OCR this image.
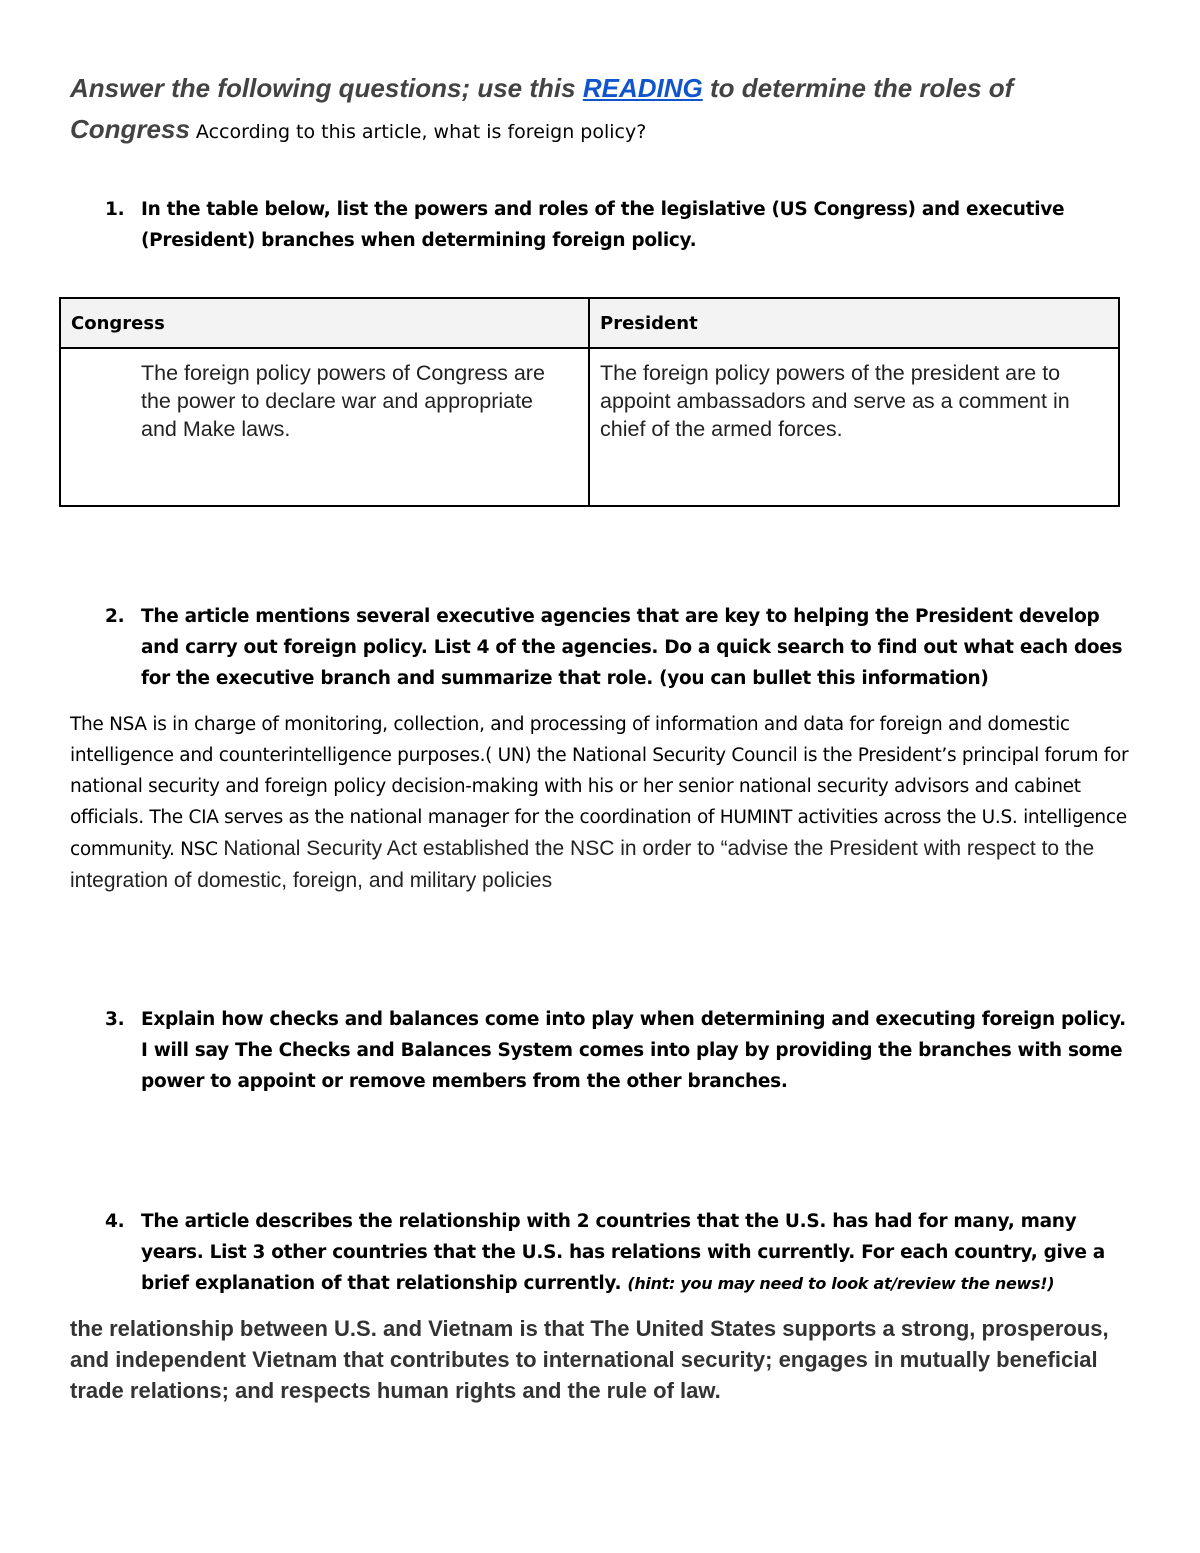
Answer the following questions; use this READING to determine the roles of
Congress According to this article, what is foreign policy?
1. In the table below, list the powers and roles of the legislative (US Congress) and executive (President) branches when determining foreign policy.
Congress	President
The foreign policy powers of Congress are the power to declare war and appropriate and Make laws.	The foreign policy powers of the president are to appoint ambassadors and serve as a comment in chief of the armed forces.
2. The article mentions several executive agencies that are key to helping the President develop and carry out foreign policy. List 4 of the agencies. Do a quick search to find out what each does for the executive branch and summarize that role. (you can bullet this information)
The NSA is in charge of monitoring, collection, and processing of information and data for foreign and domestic intelligence and counterintelligence purposes.( UN) the National Security Council is the President’s principal forum for national security and foreign policy decision-making with his or her senior national security advisors and cabinet officials. The CIA serves as the national manager for the coordination of HUMINT activities across the U.S. intelligence community. NSC National Security Act established the NSC in order to “advise the President with respect to the integration of domestic, foreign, and military policies
3. Explain how checks and balances come into play when determining and executing foreign policy. I will say The Checks and Balances System comes into play by providing the branches with some power to appoint or remove members from the other branches.
4. The article describes the relationship with 2 countries that the U.S. has had for many, many years. List 3 other countries that the U.S. has relations with currently. For each country, give a brief explanation of that relationship currently. (hint: you may need to look at/review the news!)
the relationship between U.S. and Vietnam is that The United States supports a strong, prosperous, and independent Vietnam that contributes to international security; engages in mutually beneficial trade relations; and respects human rights and the rule of law.
